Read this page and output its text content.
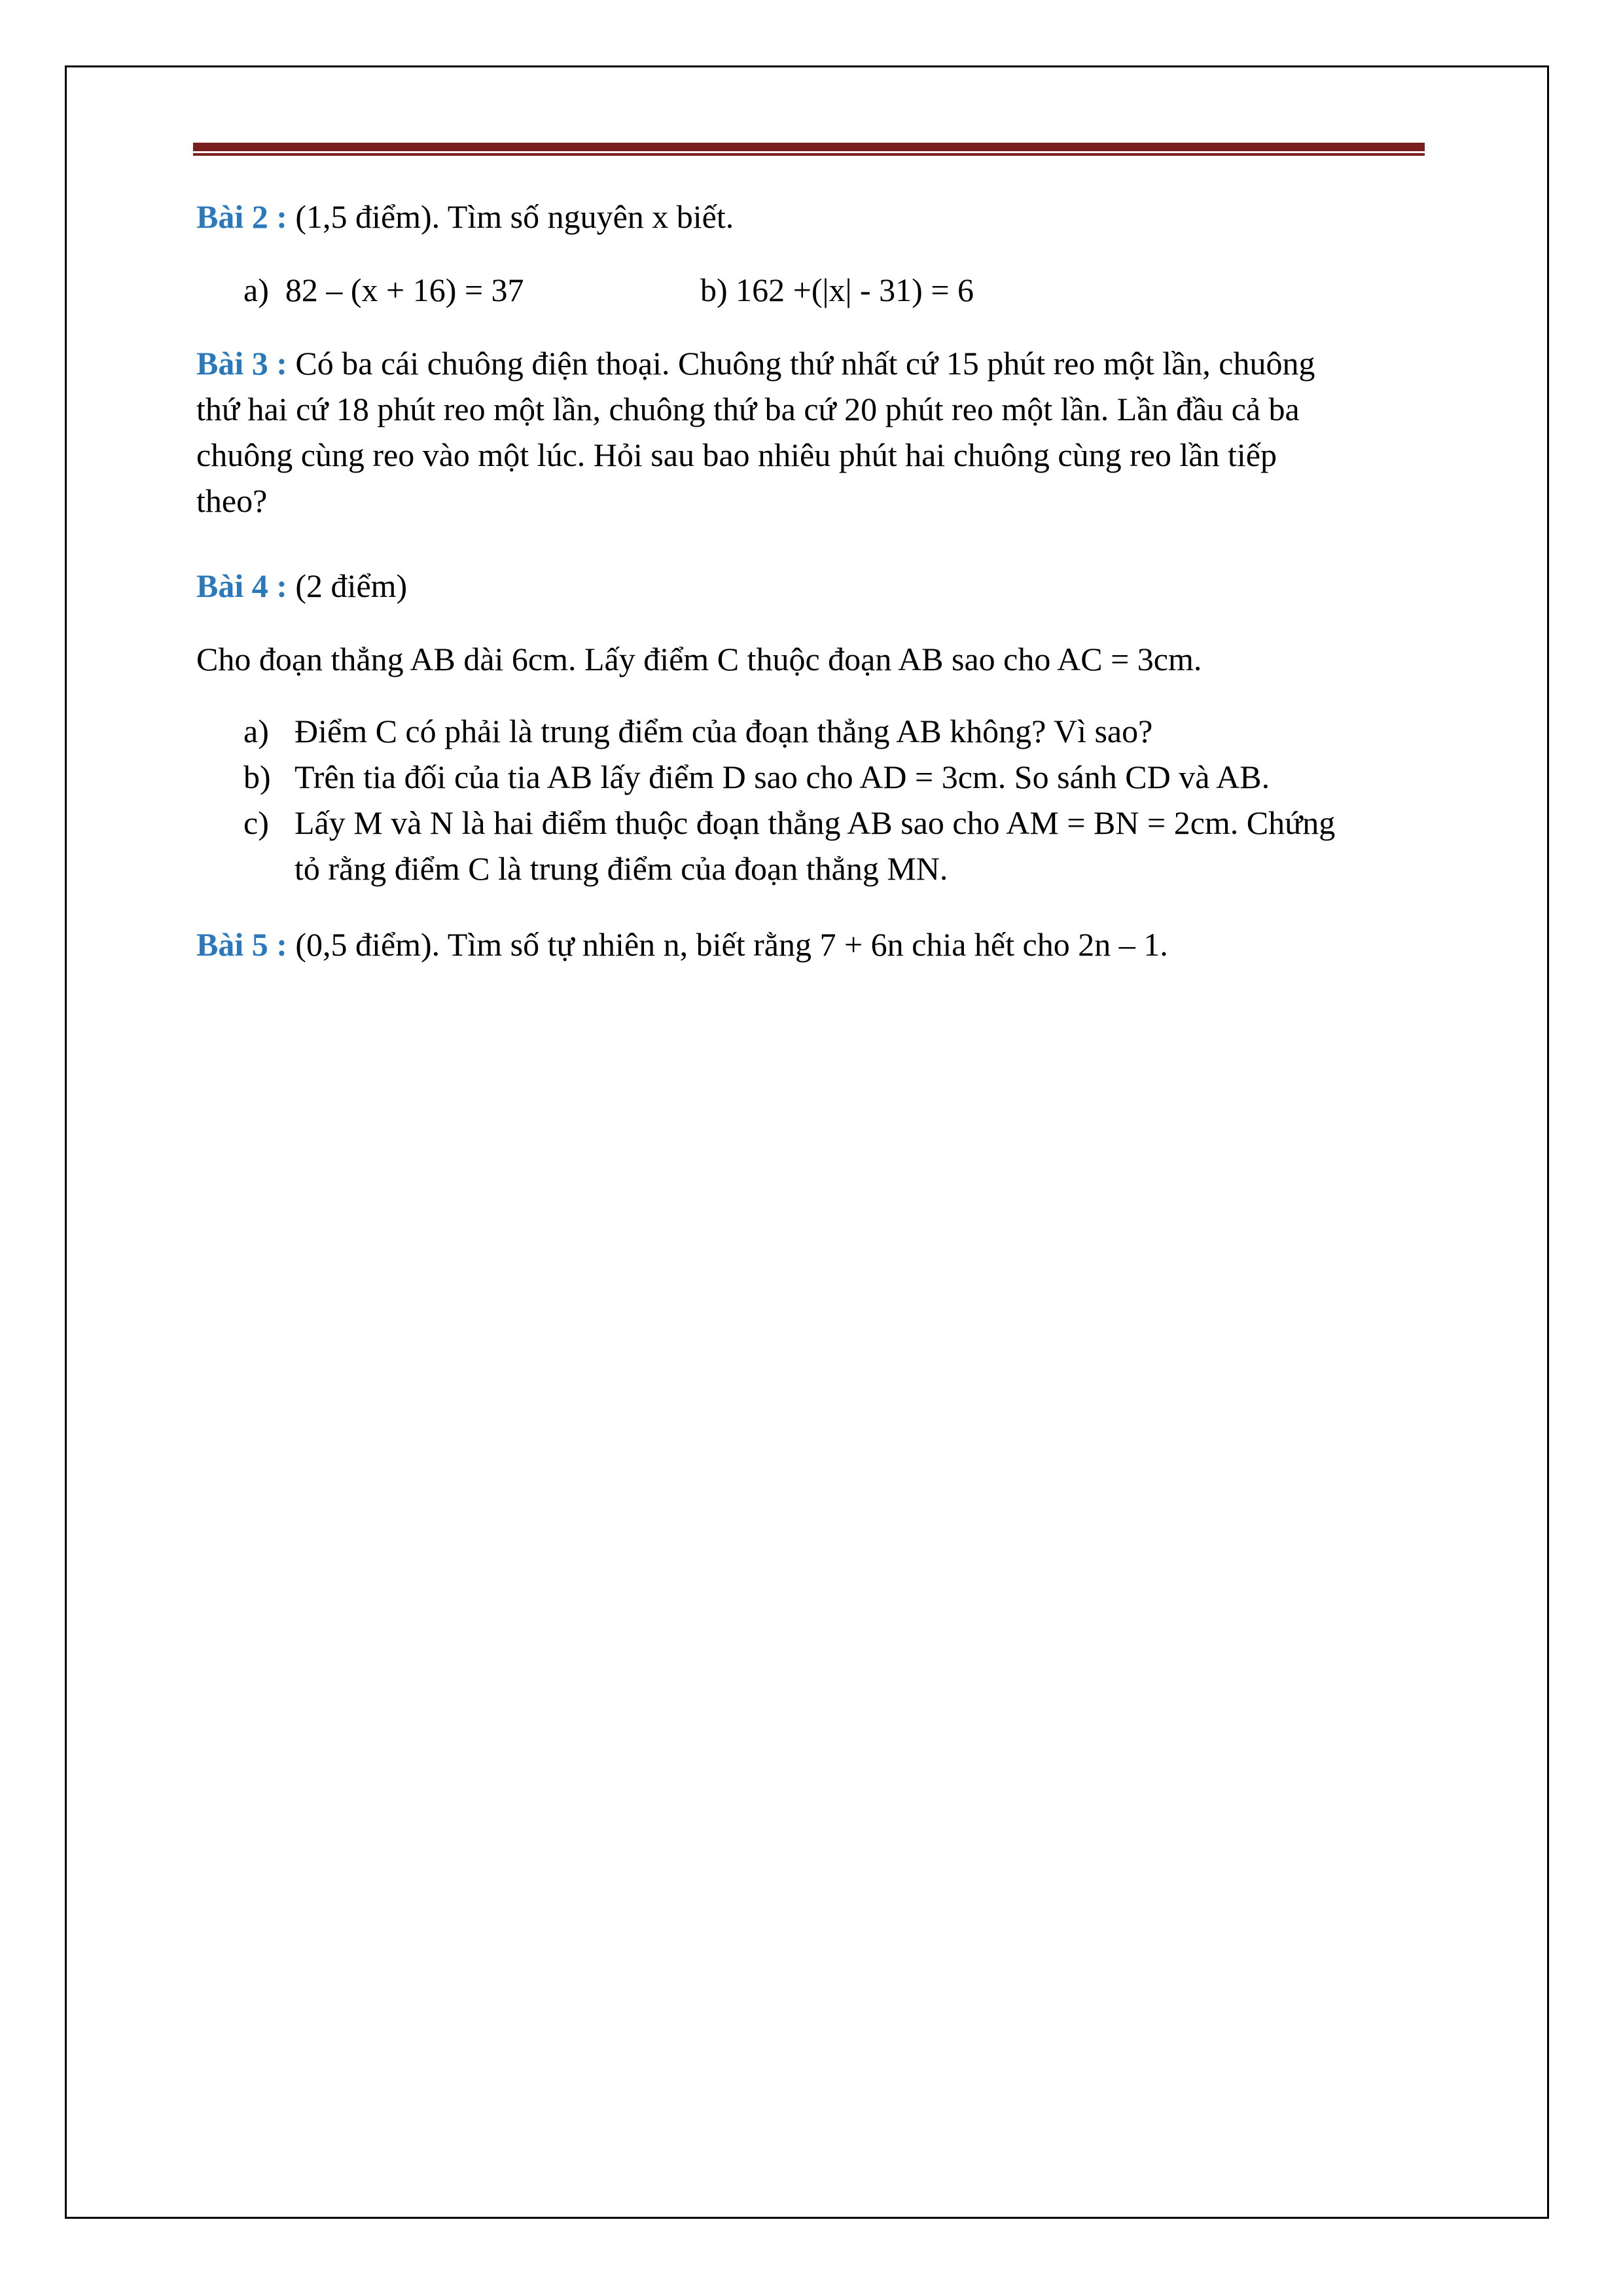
Bài 2 : (1,5 điểm). Tìm số nguyên x biết.

a) 82 – (x + 16) = 37	b) 162 +(|x| - 31) = 6

Bài 3 : Có ba cái chuông điện thoại. Chuông thứ nhất cứ 15 phút reo một lần, chuông

thứ hai cứ 18 phút reo một lần, chuông thứ ba cứ 20 phút reo một lần. Lần đầu cả ba

chuông cùng reo vào một lúc. Hỏi sau bao nhiêu phút hai chuông cùng reo lần tiếp

theo?

Bài 4 : (2 điểm)

Cho đoạn thẳng AB dài 6cm. Lấy điểm C thuộc đoạn AB sao cho AC = 3cm.

a) Điểm C có phải là trung điểm của đoạn thẳng AB không? Vì sao?
b) Trên tia đối của tia AB lấy điểm D sao cho AD = 3cm. So sánh CD và AB.
c) Lấy M và N là hai điểm thuộc đoạn thẳng AB sao cho AM = BN = 2cm. Chứng
tỏ rằng điểm C là trung điểm của đoạn thẳng MN.

Bài 5 : (0,5 điểm). Tìm số tự nhiên n, biết rằng 7 + 6n chia hết cho 2n – 1.
